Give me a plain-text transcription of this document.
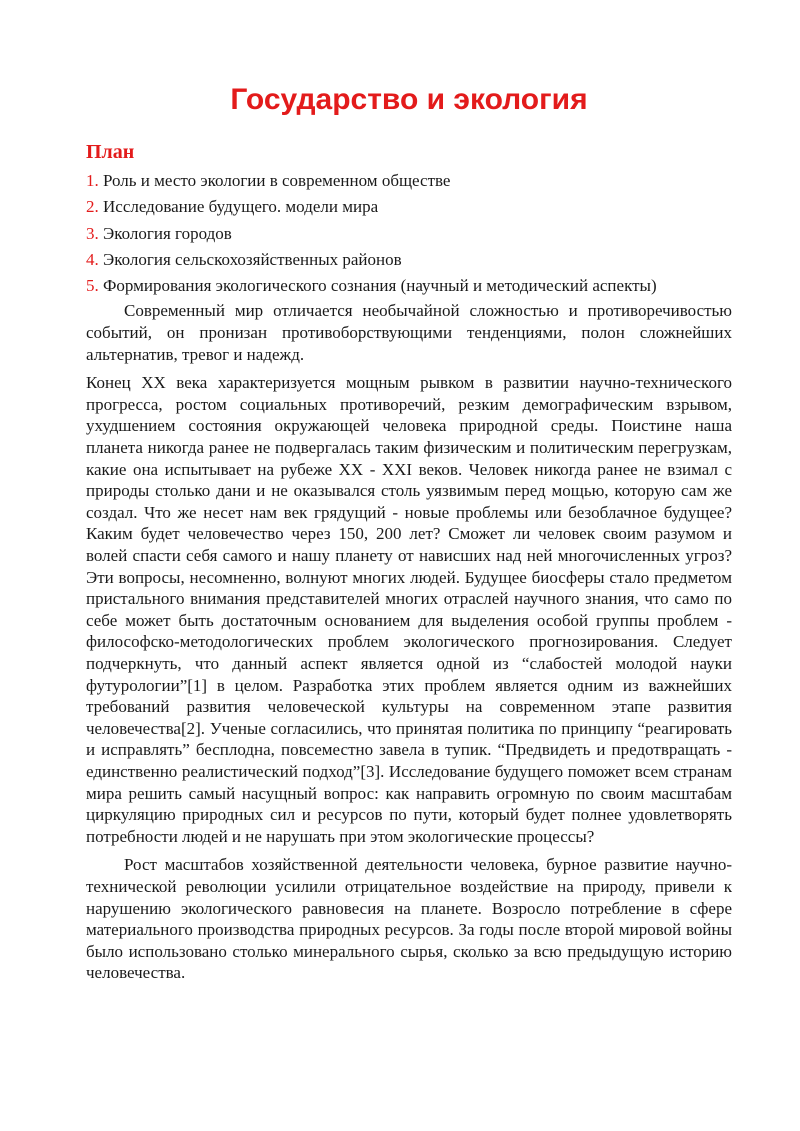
Государство и экология
План
1. Роль и место экологии в современном обществе
2. Исследование будущего. модели мира
3. Экология городов
4. Экология сельскохозяйственных районов
5. Формирования экологического сознания (научный и методический аспекты)

Современный мир отличается необычайной сложностью и противоречивостью событий, он пронизан противоборствующими тенденциями, полон сложнейших альтернатив, тревог и надежд.

Конец XX века характеризуется мощным рывком в развитии научно-технического прогресса, ростом социальных противоречий, резким демографическим взрывом, ухудшением состояния окружающей человека природной среды. Поистине наша планета никогда ранее не подвергалась таким физическим и политическим перегрузкам, какие она испытывает на рубеже XX - XXI веков. Человек никогда ранее не взимал с природы столько дани и не оказывался столь уязвимым перед мощью, которую сам же создал. Что же несет нам век грядущий - новые проблемы или безоблачное будущее? Каким будет человечество через 150, 200 лет? Сможет ли человек своим разумом и волей спасти себя самого и нашу планету от нависших над ней многочисленных угроз? Эти вопросы, несомненно, волнуют многих людей. Будущее биосферы стало предметом пристального внимания представителей многих отраслей научного знания, что само по себе может быть достаточным основанием для выделения особой группы проблем - философско-методологических проблем экологического прогнозирования. Следует подчеркнуть, что данный аспект является одной из “слабостей молодой науки футурологии”[1] в целом. Разработка этих проблем является одним из важнейших требований развития человеческой культуры на современном этапе развития человечества[2]. Ученые согласились, что принятая политика по принципу “реагировать и исправлять” бесплодна, повсеместно завела в тупик. “Предвидеть и предотвращать - единственно реалистический подход”[3]. Исследование будущего поможет всем странам мира решить самый насущный вопрос: как направить огромную по своим масштабам циркуляцию природных сил и ресурсов по пути, который будет полнее удовлетворять потребности людей и не нарушать при этом экологические процессы?

Рост масштабов хозяйственной деятельности человека, бурное развитие научно-технической революции усилили отрицательное воздействие на природу, привели к нарушению экологического равновесия на планете. Возросло потребление в сфере материального производства природных ресурсов. За годы после второй мировой войны было использовано столько минерального сырья, сколько за всю предыдущую историю человечества.
